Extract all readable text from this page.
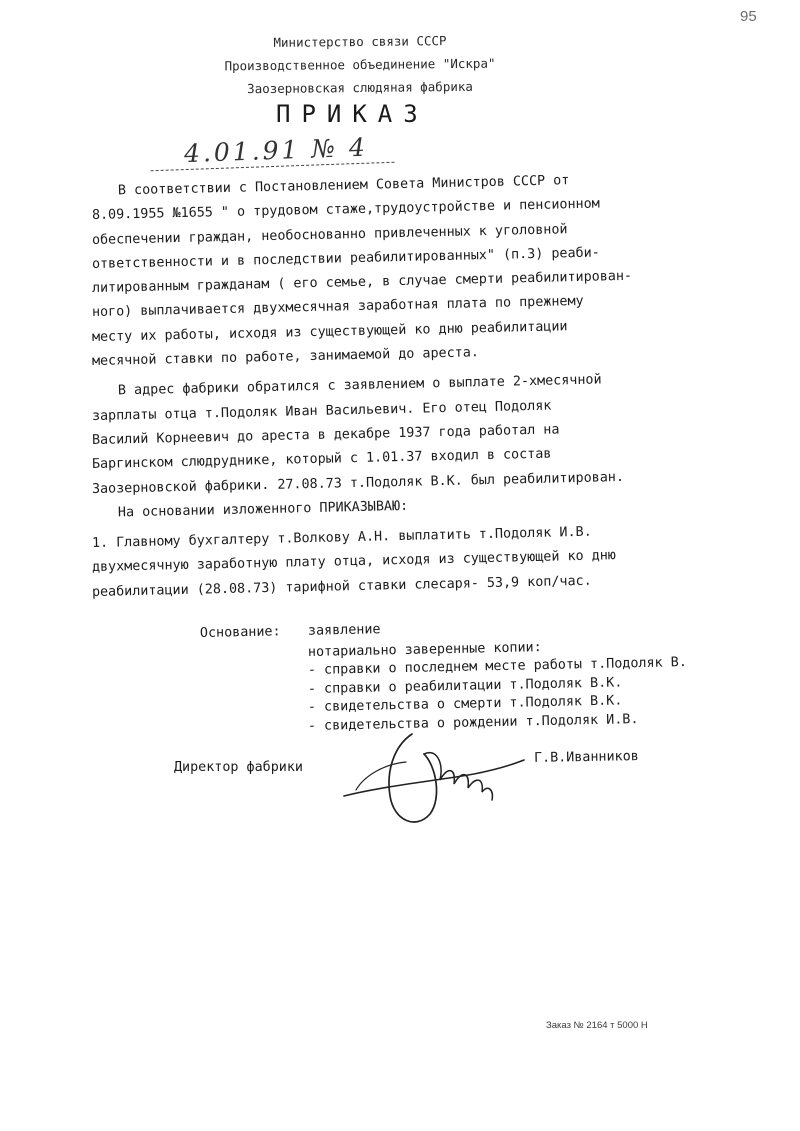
95
Министерство связи СССР
Производственное объединение "Искра"
Заозерновская слюдяная фабрика
ПРИКАЗ
4.01.91 № 4
В соответствии с Постановлением Совета Министров СССР от
8.09.1955 №1655 " о трудовом стаже,трудоустройстве и пенсионном
обеспечении граждан, необоснованно привлеченных к уголовной
ответственности и в последствии реабилитированных" (п.3) реаби-
литированным гражданам ( его семье, в случае смерти реабилитирован-
ного) выплачивается двухмесячная заработная плата по прежнему
месту их работы, исходя из существующей ко дню реабилитации
месячной ставки по работе, занимаемой до ареста.
В адрес фабрики обратился с заявлением о выплате 2-хмесячной
зарплаты отца т.Подоляк Иван Васильевич. Его отец Подоляк
Василий Корнеевич до ареста в декабре 1937 года работал на
Баргинском слюдруднике, который с 1.01.37 входил в состав
Заозерновской фабрики. 27.08.73 т.Подоляк В.К. был реабилитирован.
На основании изложенного ПРИКАЗЫВАЮ:
1. Главному бухгалтеру т.Волкову А.Н. выплатить т.Подоляк И.В.
двухмесячную заработную плату отца, исходя из существующей ко дню
реабилитации (28.08.73) тарифной ставки слесаря- 53,9 коп/час.
Основание:	заявление
нотариально заверенные копии:
- справки о последнем месте работы т.Подоляк В.
- справки о реабилитации т.Подоляк В.К.
- свидетельства о смерти т.Подоляк В.К.
- свидетельства о рождении т.Подоляк И.В.
Директор фабрики
Г.В.Иванников
Заказ № 2164 т 5000 Н
